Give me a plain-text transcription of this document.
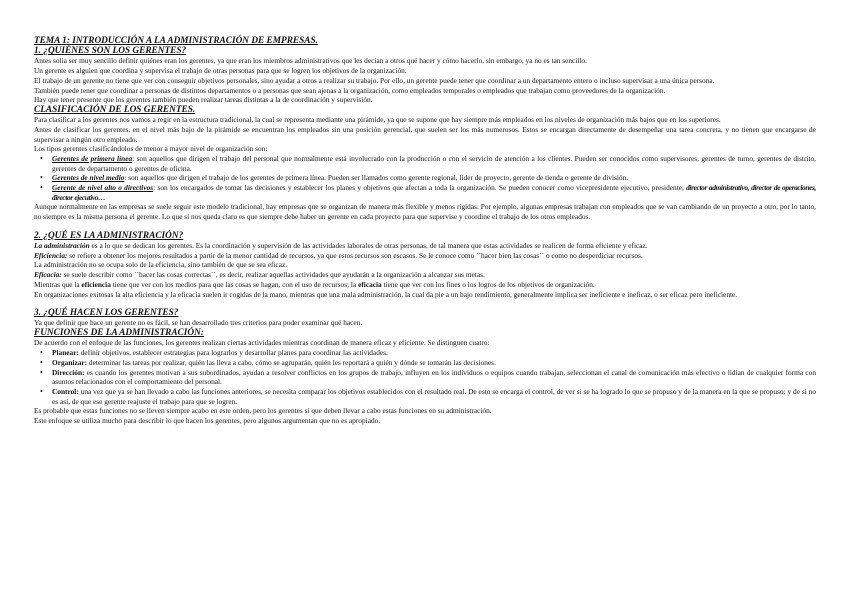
TEMA 1: INTRODUCCIÓN A LA ADMINISTRACIÓN DE EMPRESAS.

1. ¿QUIÉNES SON LOS GERENTES?

Antes solía ser muy sencillo definir quiénes eran los gerentes, ya que eran los miembros administrativos que les decían a otros qué hacer y cómo hacerlo, sin embargo, ya no es tan sencillo.

Un gerente es alguien que coordina y supervisa el trabajo de otras personas para que se logren los objetivos de la organización.

El trabajo de un gerente no tiene que ver con conseguir objetivos personales, sino ayudar a otros a realizar su trabajo. Por ello, un gerente puede tener que coordinar a un departamento entero o incluso supervisar a una única persona.

También puede tener que coordinar a personas de distintos departamentos o a personas que sean ajenas a la organización, como empleados temporales o empleados que trabajan como proveedores de la organización.

Hay que tener presente que los gerentes también pueden realizar tareas distintas a la de coordinación y supervisión.

CLASIFICACIÓN DE LOS GERENTES.

Para clasificar a los gerentes nos vamos a regir en la estructura tradicional, la cual se representa mediante una pirámide, ya que se supone que hay siempre más empleados en los niveles de organización más bajos que en los superiores.

Antes de clasificar los gerentes, en el nivel más bajo de la pirámide se encuentran los empleados sin una posición gerencial, que suelen ser los más numerosos. Estos se encargan directamente de desempeñar una tarea concreta, y no tienen que encargarse de supervisar a ningún otro empleado.

Los tipos gerentes clasificándolos de menor a mayor nivel de organización son:

• Gerentes de primera línea: son aquellos que dirigen el trabajo del personal que normalmente está involucrado con la producción o con el servicio de atención a los clientes. Pueden ser conocidos como supervisores, gerentes de turno, gerentes de distrito, gerentes de departamento o gerentes de oficina.
• Gerentes de nivel medio: son aquellos que dirigen el trabajo de los gerentes de primera línea. Pueden ser llamados como gerente regional, líder de proyecto, gerente de tienda o gerente de división.
• Gerente de nivel alto o directivos: son los encargados de tomar las decisiones y establecer los planes y objetivos que afectan a toda la organización. Se pueden conocer como vicepresidente ejecutivo, presidente, director administrativo, director de operaciones, director ejecutivo…

Aunque normalmente en las empresas se suele seguir este modelo tradicional, hay empresas que se organizan de manera más flexible y menos rígidas. Por ejemplo, algunas empresas trabajan con empleados que se van cambiando de un proyecto a otro, por lo tanto, no siempre es la misma persona el gerente. Lo que sí nos queda claro es que siempre debe haber un gerente en cada proyecto para que supervise y coordine el trabajo de los otros empleados.

2. ¿QUÉ ES LA ADMINISTRACIÓN?

La administración es a lo que se dedican los gerentes. Es la coordinación y supervisión de las actividades laborales de otras personas, de tal manera que estas actividades se realicen de forma eficiente y eficaz.

Eficiencia: se refiere a obtener los mejores resultados a partir de la menor cantidad de recursos, ya que estos recursos son escasos. Se le conoce como ``hacer bien las cosas´´ o como no desperdiciar recursos.

La administración no se ocupa solo de la eficiencia, sino también de que se sea eficaz.

Eficacia: se suele describir como ``hacer las cosas correctas´´, es decir, realizar aquellas actividades que ayudarán a la organización a alcanzar sus metas.

Mientras que la eficiencia tiene que ver con los medios para que las cosas se hagan, con el uso de recursos; la eficacia tiene que ver con los fines o los logros de los objetivos de organización.

En organizaciones exitosas la alta eficiencia y la eficacia suelen ir cogidas de la mano, mientras que una mala administración, la cual da pie a un bajo rendimiento, generalmente implica ser ineficiente e ineficaz, o ser eficaz pero ineficiente.

3. ¿QUÉ HACEN LOS GERENTES?

Ya que definir que hace un gerente no es fácil, se han desarrollado tres criterios para poder examinar qué hacen.

FUNCIONES DE LA ADMINISTRACIÓN:

De acuerdo con el enfoque de las funciones, los gerentes realizan ciertas actividades mientras coordinan de manera eficaz y eficiente. Se distinguen cuatro:

• Planear: definir objetivos, establecer estrategias para lograrlos y desarrollar planes para coordinar las actividades.
• Organizar: determinar las tareas por realizar, quién las lleva a cabo, cómo se agruparán, quién les reportará a quién y dónde se tomarán las decisiones.
• Dirección: es cuando los gerentes motivan a sus subordinados, ayudan a resolver conflictos en los grupos de trabajo, influyen en los individuos o equipos cuando trabajan, seleccionan el canal de comunicación más efectivo o lidian de cualquier forma con asuntos relacionados con el comportamiento del personal.
• Control: una vez que ya se han llevado a cabo las funciones anteriores, se necesita comparar los objetivos establecidos con el resultado real. De esto se encarga el control, de ver si se ha logrado lo que se propuso y de la manera en la que se propuso; y de si no es así, de que ese gerente reajuste el trabajo para que se logren.

Es probable que estas funciones no se lleven siempre acabo en este orden, pero los gerentes sí que deben llevar a cabo estas funciones en su administración.

Este enfoque se utiliza mucho para describir lo que hacen los gerentes, pero algunos argumentan que no es apropiado.
